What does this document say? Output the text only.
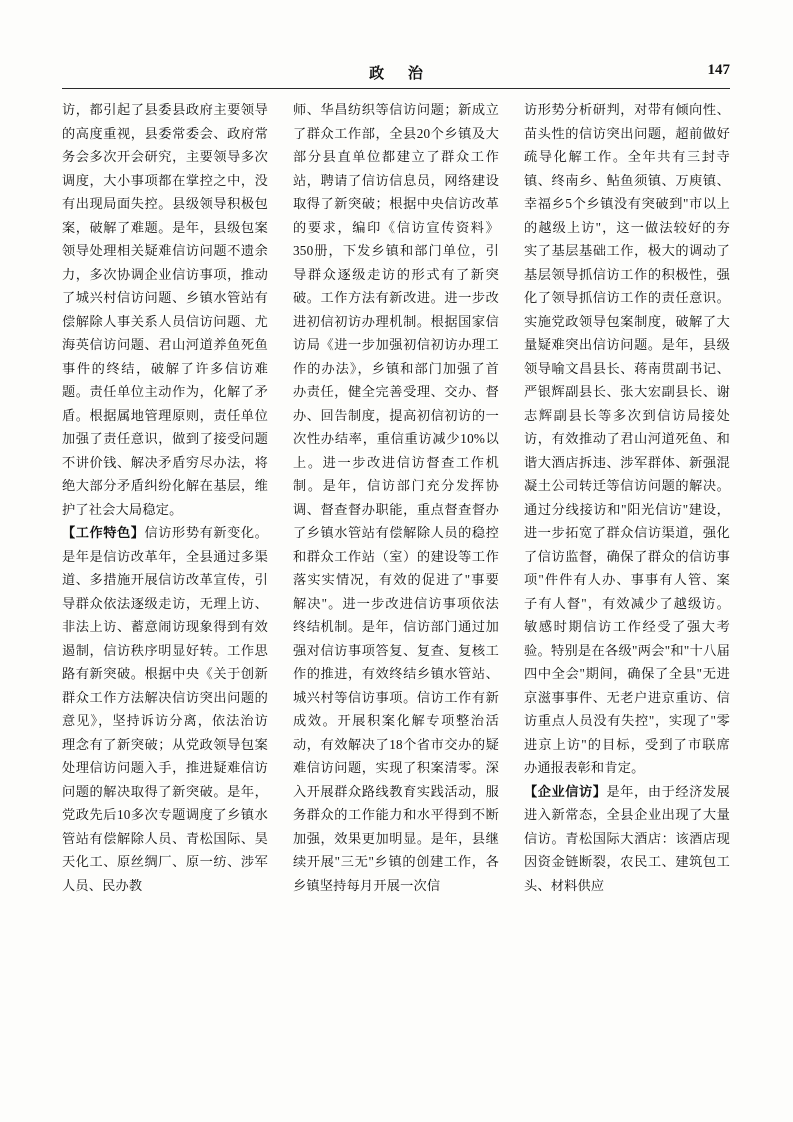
政 治	147

访，都引起了县委县政府主要领导的高度重视，县委常委会、政府常务会多次开会研究，主要领导多次调度，大小事项都在掌控之中，没有出现局面失控。县级领导积极包案，破解了难题。是年，县级包案领导处理相关疑难信访问题不遗余力，多次协调企业信访事项，推动了城兴村信访问题、乡镇水管站有偿解除人事关系人员信访问题、尤海英信访问题、君山河道养鱼死鱼事件的终结，破解了许多信访难题。责任单位主动作为，化解了矛盾。根据属地管理原则，责任单位加强了责任意识，做到了接受问题不讲价钱、解决矛盾穷尽办法，将绝大部分矛盾纠纷化解在基层，维护了社会大局稳定。

【工作特色】信访形势有新变化。是年是信访改革年，全县通过多渠道、多措施开展信访改革宣传，引导群众依法逐级走访，无理上访、非法上访、蓄意闹访现象得到有效遏制，信访秩序明显好转。工作思路有新突破。根据中央《关于创新群众工作方法解决信访突出问题的意见》，坚持诉访分离，依法治访理念有了新突破；从党政领导包案处理信访问题入手，推进疑难信访问题的解决取得了新突破。是年，党政先后10多次专题调度了乡镇水管站有偿解除人员、青松国际、昊天化工、原丝绸厂、原一纺、涉军人员、民办教

师、华昌纺织等信访问题；新成立了群众工作部，全县20个乡镇及大部分县直单位都建立了群众工作站，聘请了信访信息员，网络建设取得了新突破；根据中央信访改革的要求，编印《信访宣传资料》350册，下发乡镇和部门单位，引导群众逐级走访的形式有了新突破。工作方法有新改进。进一步改进初信初访办理机制。根据国家信访局《进一步加强初信初访办理工作的办法》，乡镇和部门加强了首办责任，健全完善受理、交办、督办、回告制度，提高初信初访的一次性办结率，重信重访减少10%以上。进一步改进信访督查工作机制。是年，信访部门充分发挥协调、督查督办职能，重点督查督办了乡镇水管站有偿解除人员的稳控和群众工作站（室）的建设等工作落实实情况，有效的促进了"事要解决"。进一步改进信访事项依法终结机制。是年，信访部门通过加强对信访事项答复、复查、复核工作的推进，有效终结乡镇水管站、城兴村等信访事项。信访工作有新成效。开展积案化解专项整治活动，有效解决了18个省市交办的疑难信访问题，实现了积案清零。深入开展群众路线教育实践活动，服务群众的工作能力和水平得到不断加强，效果更加明显。是年，县继续开展"三无"乡镇的创建工作，各乡镇坚持每月开展一次信

访形势分析研判，对带有倾向性、苗头性的信访突出问题，超前做好疏导化解工作。全年共有三封寺镇、终南乡、鲇鱼须镇、万庾镇、幸福乡5个乡镇没有突破到"市以上的越级上访"，这一做法较好的夯实了基层基础工作，极大的调动了基层领导抓信访工作的积极性，强化了领导抓信访工作的责任意识。实施党政领导包案制度，破解了大量疑难突出信访问题。是年，县级领导喻文昌县长、蒋南贯副书记、严银辉副县长、张大宏副县长、谢志辉副县长等多次到信访局接处访，有效推动了君山河道死鱼、和谐大酒店拆违、涉军群体、新强混凝土公司转迁等信访问题的解决。通过分线接访和"阳光信访"建设，进一步拓宽了群众信访渠道，强化了信访监督，确保了群众的信访事项"件件有人办、事事有人管、案子有人督"，有效减少了越级访。敏感时期信访工作经受了强大考验。特别是在各级"两会"和"十八届四中全会"期间，确保了全县"无进京滋事事件、无老户进京重访、信访重点人员没有失控"，实现了"零进京上访"的目标，受到了市联席办通报表彰和肯定。

【企业信访】是年，由于经济发展进入新常态，全县企业出现了大量信访。青松国际大酒店：该酒店现因资金链断裂，农民工、建筑包工头、材料供应
